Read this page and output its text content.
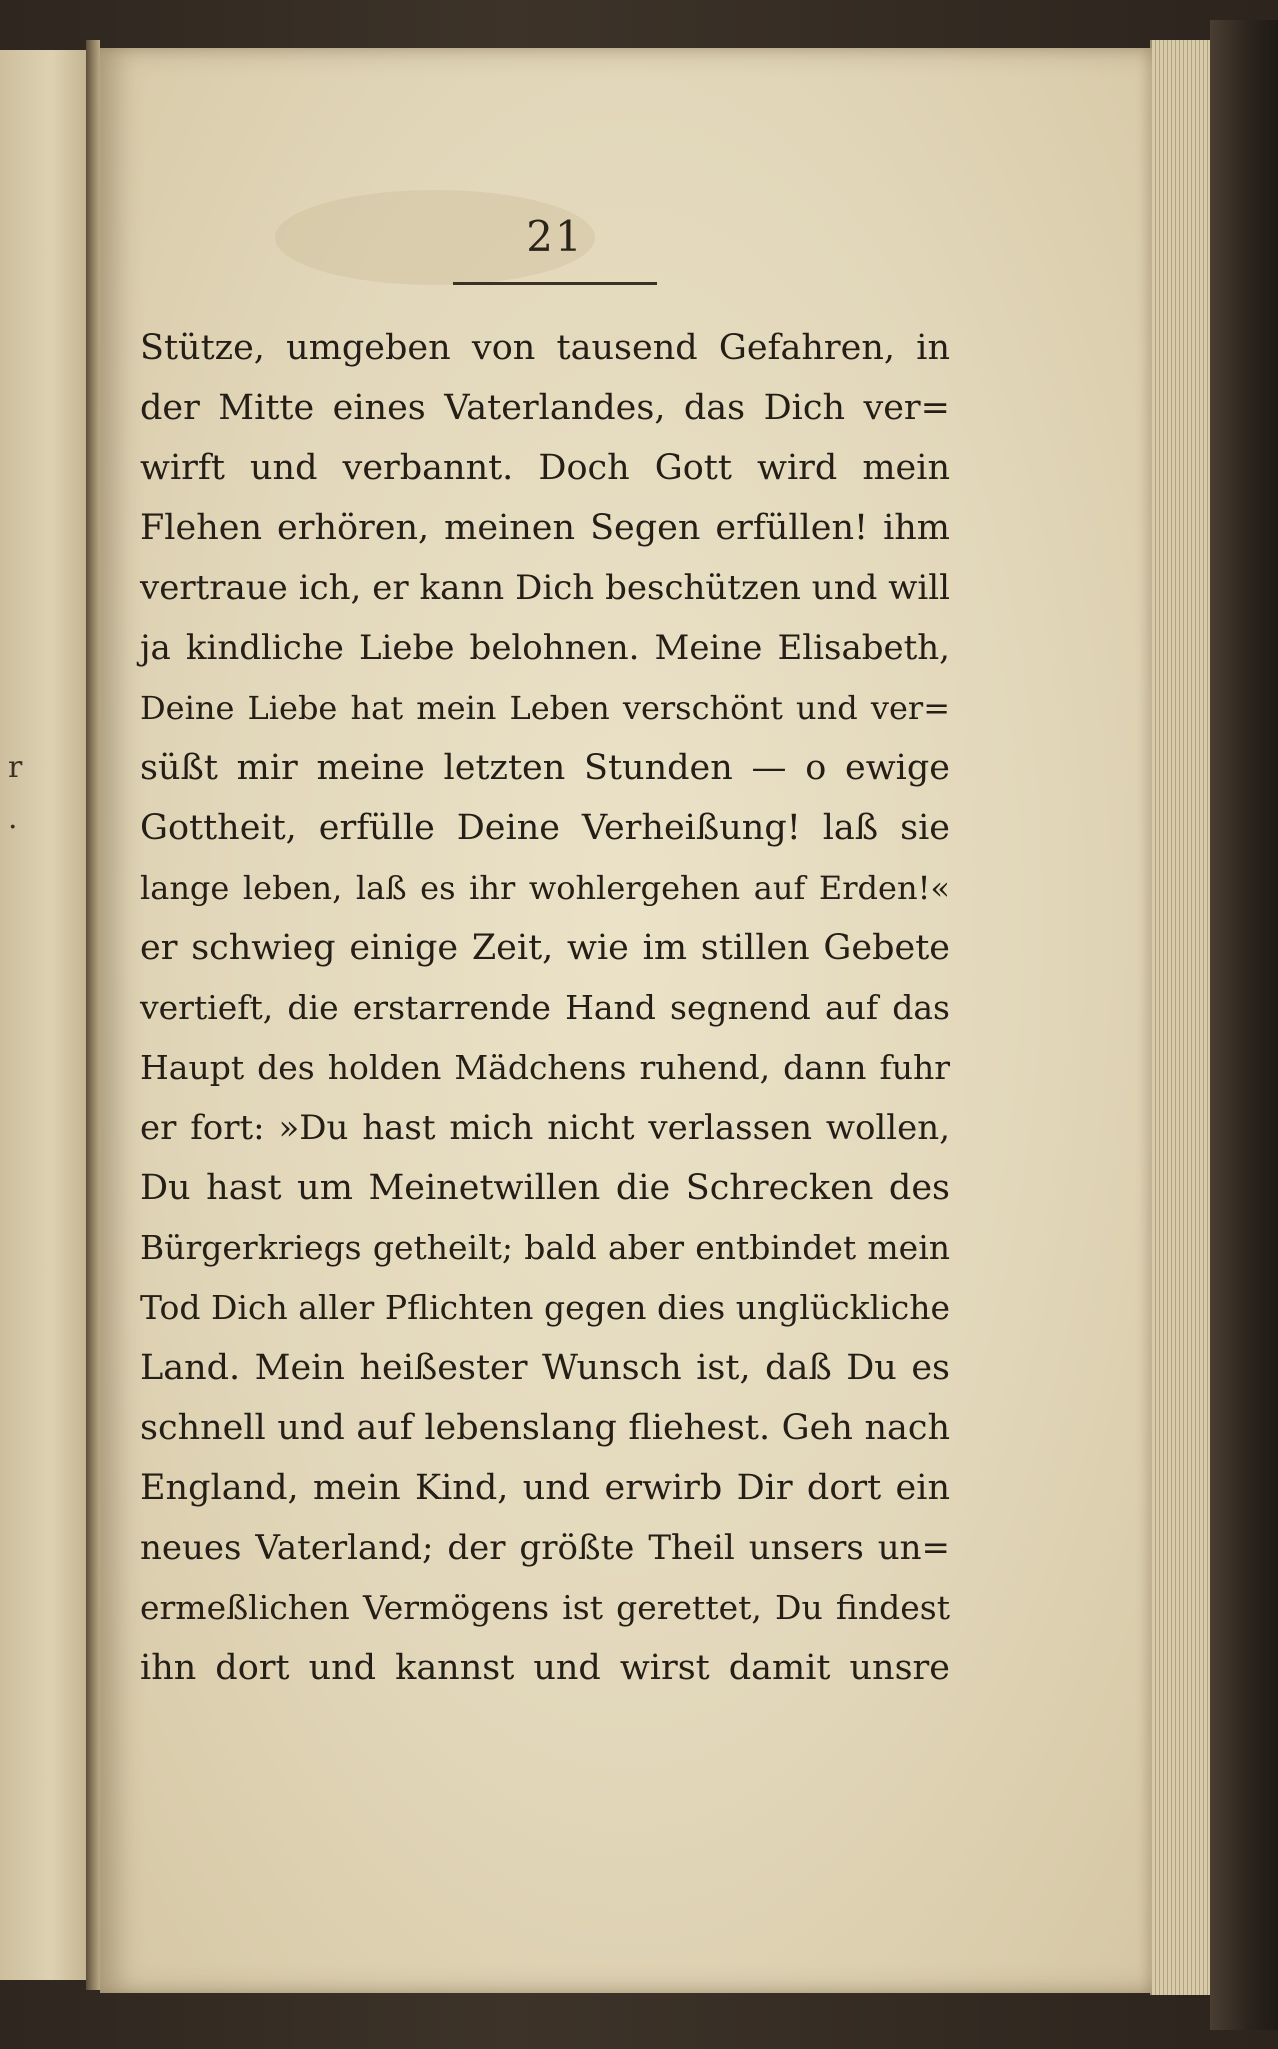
r
·
21
Stütze, umgeben von tausend Gefahren, in
der Mitte eines Vaterlandes, das Dich ver=
wirft und verbannt. Doch Gott wird mein
Flehen erhören, meinen Segen erfüllen! ihm
vertraue ich, er kann Dich beschützen und will
ja kindliche Liebe belohnen. Meine Elisabeth,
Deine Liebe hat mein Leben verschönt und ver=
süßt mir meine letzten Stunden — o ewige
Gottheit, erfülle Deine Verheißung! laß sie
lange leben, laß es ihr wohlergehen auf Erden!«
er schwieg einige Zeit, wie im stillen Gebete
vertieft, die erstarrende Hand segnend auf das
Haupt des holden Mädchens ruhend, dann fuhr
er fort: »Du hast mich nicht verlassen wollen,
Du hast um Meinetwillen die Schrecken des
Bürgerkriegs getheilt; bald aber entbindet mein
Tod Dich aller Pflichten gegen dies unglückliche
Land. Mein heißester Wunsch ist, daß Du es
schnell und auf lebenslang fliehest. Geh nach
England, mein Kind, und erwirb Dir dort ein
neues Vaterland; der größte Theil unsers un=
ermeßlichen Vermögens ist gerettet, Du findest
ihn dort und kannst und wirst damit unsre
